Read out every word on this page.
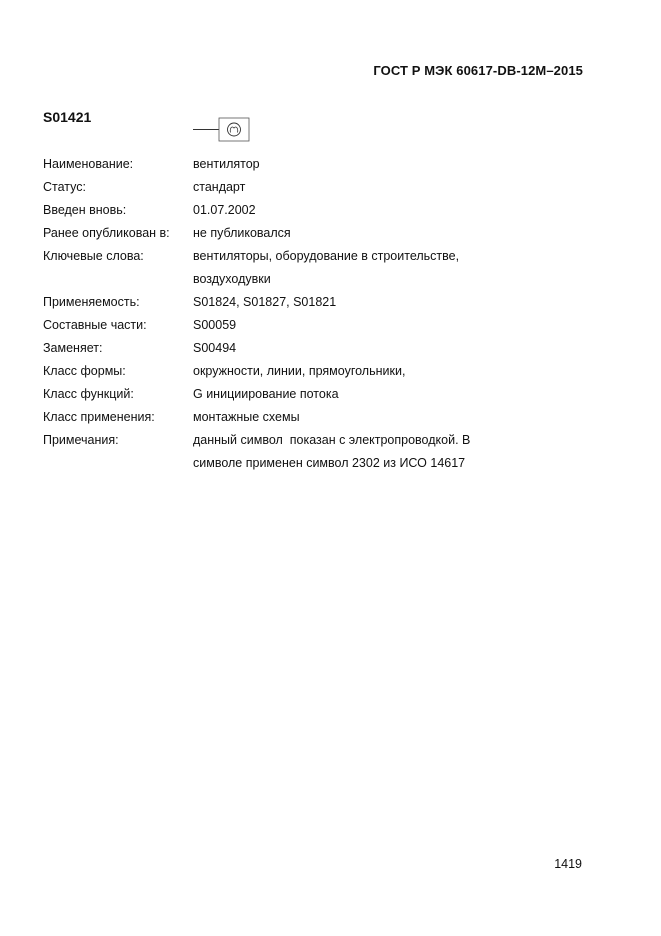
ГОСТ Р МЭК 60617-DB-12M–2015
S01421
Наименование:	вентилятор
Статус:	стандарт
Введен вновь:	01.07.2002
Ранее опубликован в:	не публиковался
Ключевые слова:	вентиляторы, оборудование в строительстве,
воздуходувки
Применяемость:	S01824, S01827, S01821
Составные части:	S00059
Заменяет:	S00494
Класс формы:	окружности, линии, прямоугольники,
Класс функций:	G инициирование потока
Класс применения:	монтажные схемы
Примечания:	данный символ  показан с электропроводкой. В
символе применен символ 2302 из ИСО 14617
1419
